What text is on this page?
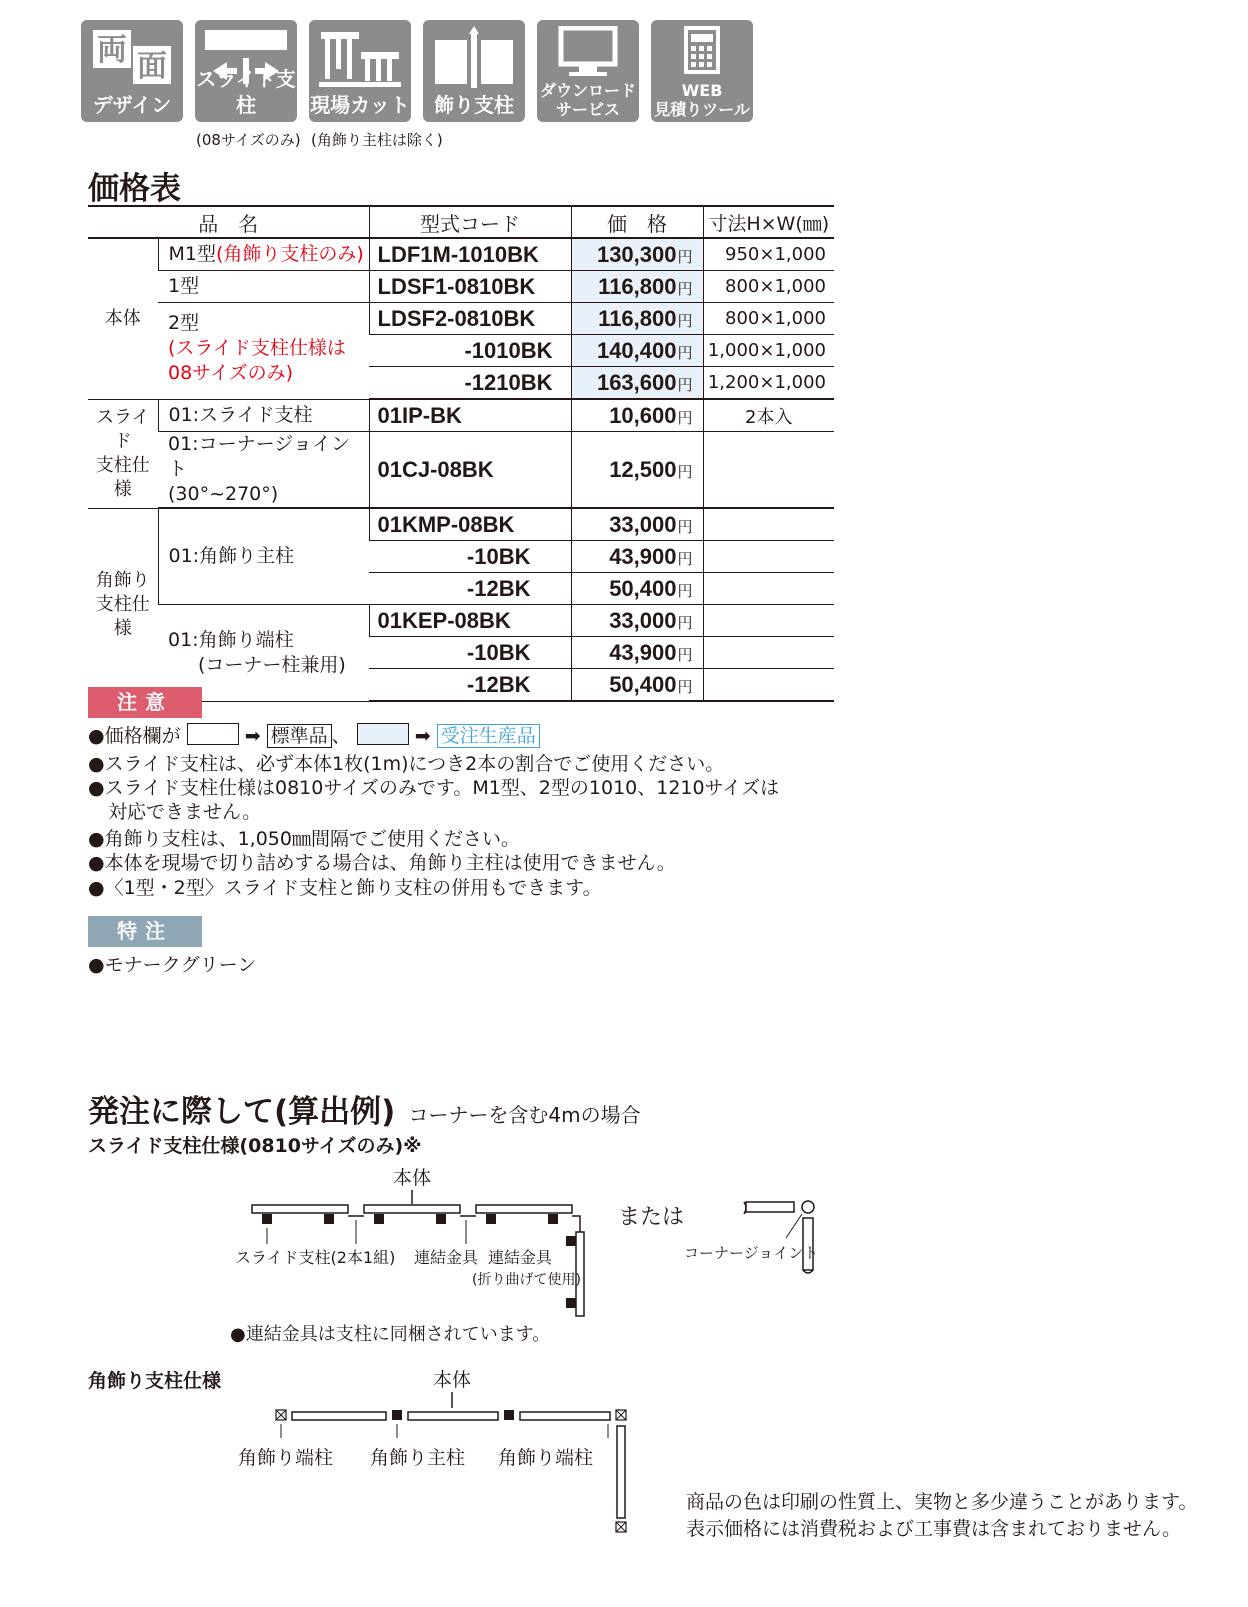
両 面
デザイン
スライド支柱
(08サイズのみ)
現場カット
(角飾り主柱は除く)
飾り支柱
ダウンロード
サービス
WEB
見積りツール
価格表
品　名		型式コード	価　格	寸法H×W(㎜)
本体	M1型(角飾り支柱のみ)	LDF1M-1010BK	130,300円	950×1,000
	1型	LDSF1-0810BK	116,800円	800×1,000

	2型
(スライド支柱仕様は
08サイズのみ)	LDSF2-0810BK	116,800円	800×1,000
		-1010BK	140,400円	1,000×1,000
		-1210BK	163,600円	1,200×1,000

スライド
支柱仕様	01:スライド支柱	01IP-BK	10,600円	2本入

	01:コーナージョイント
(30°~270°)	01CJ-08BK	12,500円	

角飾り
支柱仕様	01:角飾り主柱	01KMP-08BK	33,000円	
		-10BK	43,900円	
		-12BK	50,400円	

	01:角飾り端柱
(コーナー柱兼用)	01KEP-08BK	33,000円	
		-10BK	43,900円	
		-12BK	50,400円	
注意
●価格欄が	➡ 標準品 、	➡ 受注生産品
●スライド支柱は、必ず本体1枚(1m)につき2本の割合でご使用ください。
●スライド支柱仕様は0810サイズのみです。M1型、2型の1010、1210サイズは
対応できません。
●角飾り支柱は、1,050㎜間隔でご使用ください。
●本体を現場で切り詰めする場合は、角飾り主柱は使用できません。
●〈1型・2型〉スライド支柱と飾り支柱の併用もできます。
特注
●モナークグリーン
発注に際して(算出例) コーナーを含む4mの場合
スライド支柱仕様(0810サイズのみ)※
本体
スライド支柱(2本1組) 連結金具 連結金具
(折り曲げて使用)
または
コーナージョイント
●連結金具は支柱に同梱されています。
角飾り支柱仕様	本体
角飾り端柱 角飾り主柱 角飾り端柱
商品の色は印刷の性質上、実物と多少違うことがあります。
表示価格には消費税および工事費は含まれておりません。
